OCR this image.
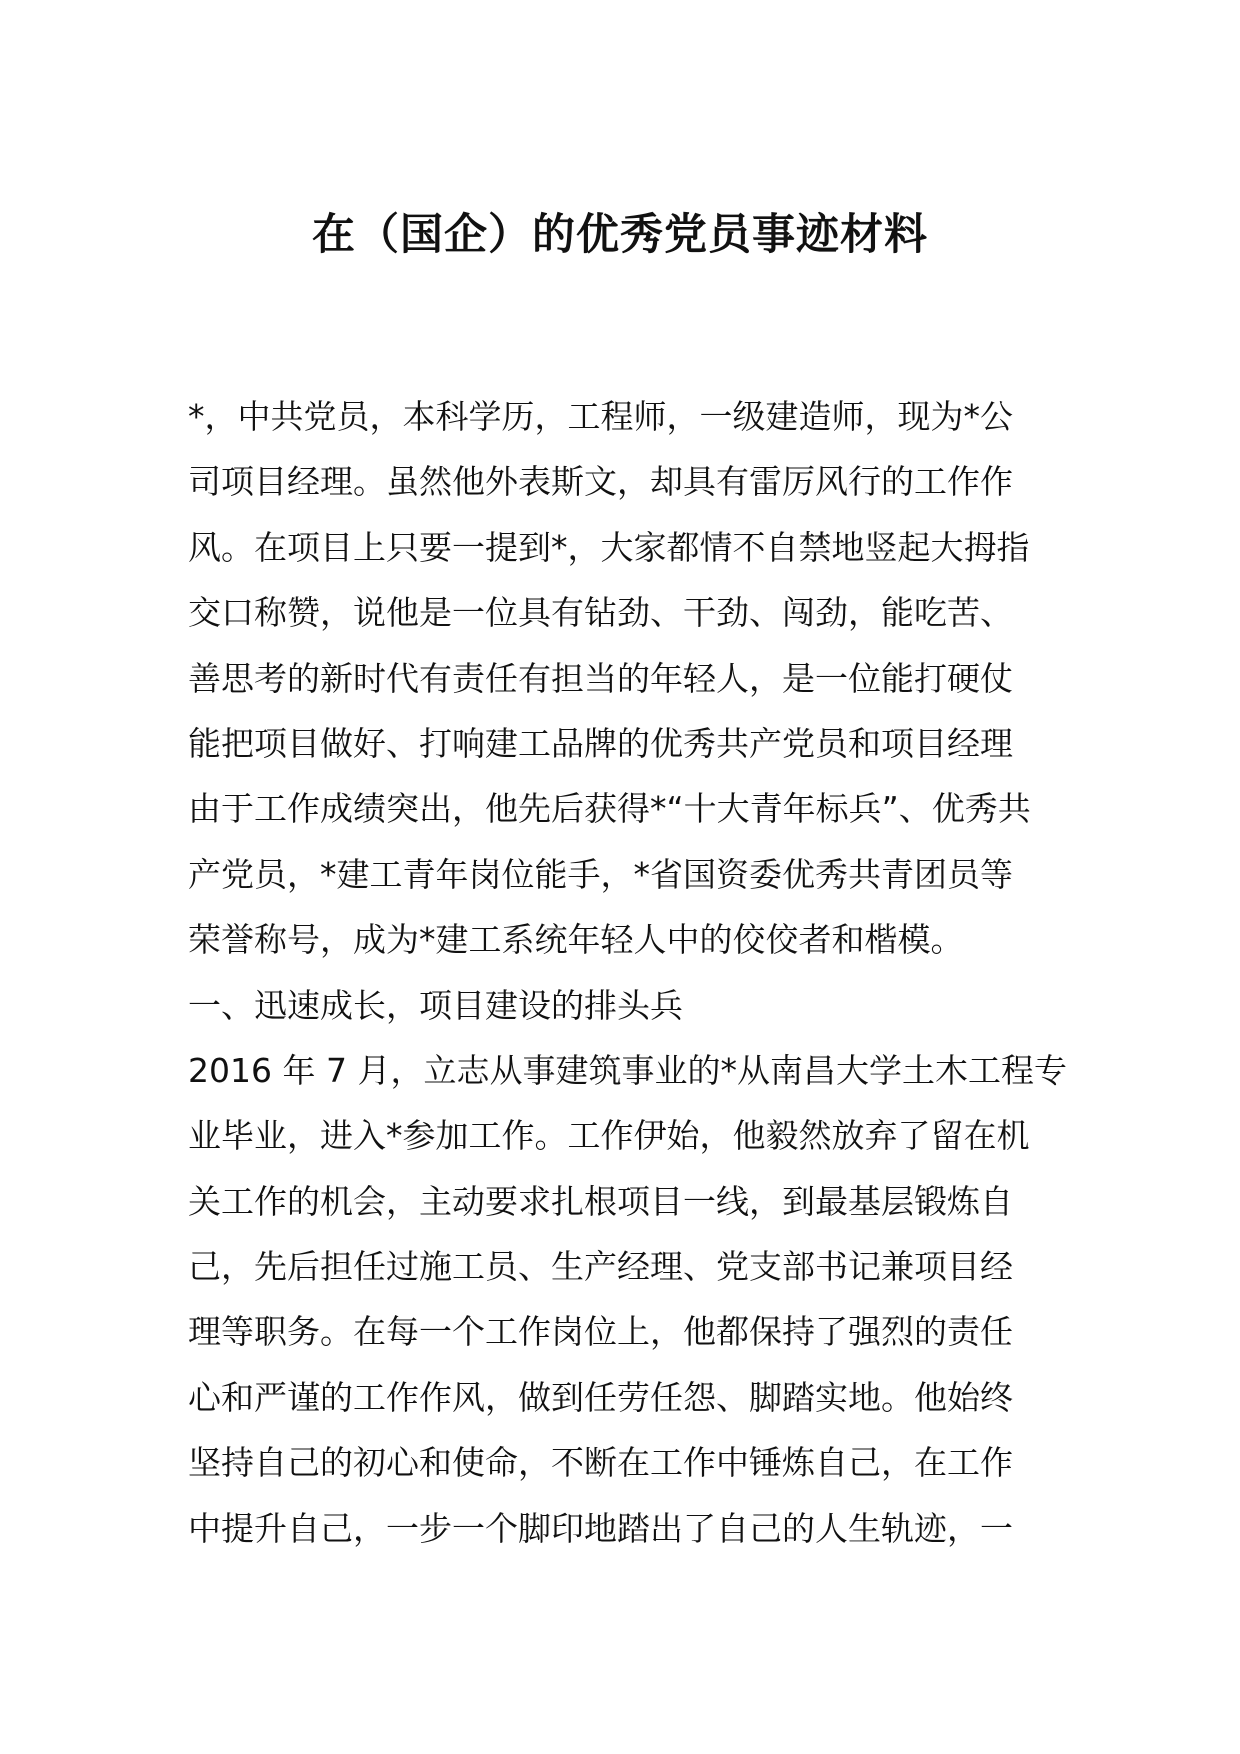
在（国企）的优秀党员事迹材料
*，中共党员，本科学历，工程师，一级建造师，现为*公
司项目经理。虽然他外表斯文，却具有雷厉风行的工作作
风。在项目上只要一提到*，大家都情不自禁地竖起大拇指
交口称赞，说他是一位具有钻劲、干劲、闯劲，能吃苦、
善思考的新时代有责任有担当的年轻人，是一位能打硬仗
能把项目做好、打响建工品牌的优秀共产党员和项目经理
由于工作成绩突出，他先后获得*“十大青年标兵”、优秀共
产党员，*建工青年岗位能手，*省国资委优秀共青团员等
荣誉称号，成为*建工系统年轻人中的佼佼者和楷模。
一、迅速成长，项目建设的排头兵
2016 年 7 月，立志从事建筑事业的*从南昌大学土木工程专
业毕业，进入*参加工作。工作伊始，他毅然放弃了留在机
关工作的机会，主动要求扎根项目一线，到最基层锻炼自
己，先后担任过施工员、生产经理、党支部书记兼项目经
理等职务。在每一个工作岗位上，他都保持了强烈的责任
心和严谨的工作作风，做到任劳任怨、脚踏实地。他始终
坚持自己的初心和使命，不断在工作中锤炼自己，在工作
中提升自己，一步一个脚印地踏出了自己的人生轨迹，一
